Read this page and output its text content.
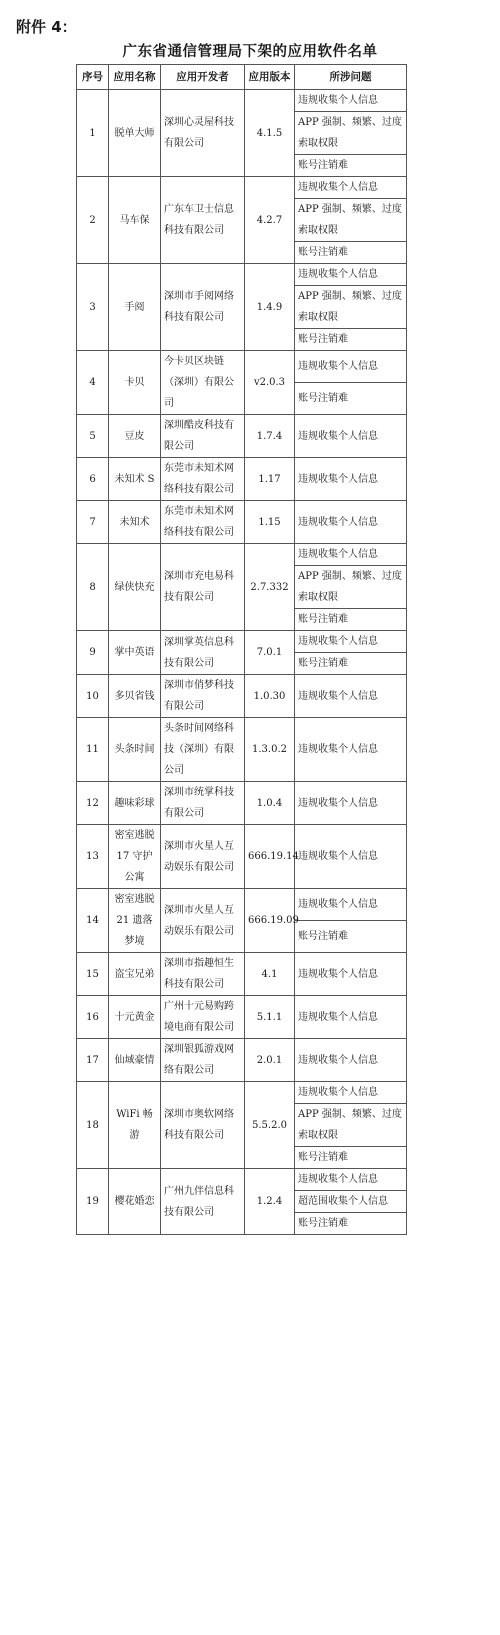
附件 4：
广东省通信管理局下架的应用软件名单
序号	应用名称	应用开发者	应用版本	所涉问题
1	脱单大师	深圳心灵屋科技有限公司	4.1.5	违规收集个人信息
				APP 强制、频繁、过度索取权限
				账号注销难
2	马车保	广东车卫士信息科技有限公司	4.2.7	违规收集个人信息
				APP 强制、频繁、过度索取权限
				账号注销难
3	手阅	深圳市手阅网络科技有限公司	1.4.9	违规收集个人信息
				APP 强制、频繁、过度索取权限
				账号注销难
4	卡贝	今卡贝区块链（深圳）有限公司	v2.0.3	违规收集个人信息
				账号注销难
5	豆皮	深圳酷皮科技有限公司	1.7.4	违规收集个人信息
6	未知术 S	东莞市未知术网络科技有限公司	1.17	违规收集个人信息
7	未知术	东莞市未知术网络科技有限公司	1.15	违规收集个人信息
8	绿侠快充	深圳市充电易科技有限公司	2.7.332	违规收集个人信息
				APP 强制、频繁、过度索取权限
				账号注销难
9	掌中英语	深圳掌英信息科技有限公司	7.0.1	违规收集个人信息
				账号注销难
10	多贝省钱	深圳市俏梦科技有限公司	1.0.30	违规收集个人信息
11	头条时间	头条时间网络科技（深圳）有限公司	1.3.0.2	违规收集个人信息
12	趣味彩球	深圳市统掌科技有限公司	1.0.4	违规收集个人信息
13	密室逃脱 17 守护公寓	深圳市火星人互动娱乐有限公司	666.19.14	违规收集个人信息
14	密室逃脱 21 遗落梦境	深圳市火星人互动娱乐有限公司	666.19.09	违规收集个人信息
				账号注销难
15	盗宝兄弟	深圳市指趣恒生科技有限公司	4.1	违规收集个人信息
16	十元黄金	广州十元易购跨境电商有限公司	5.1.1	违规收集个人信息
17	仙域豪情	深圳银狐游戏网络有限公司	2.0.1	违规收集个人信息
18	WiFi 畅游	深圳市奥软网络科技有限公司	5.5.2.0	违规收集个人信息
				APP 强制、频繁、过度索取权限
				账号注销难
19	樱花婚恋	广州九伴信息科技有限公司	1.2.4	违规收集个人信息
				超范围收集个人信息
				账号注销难
